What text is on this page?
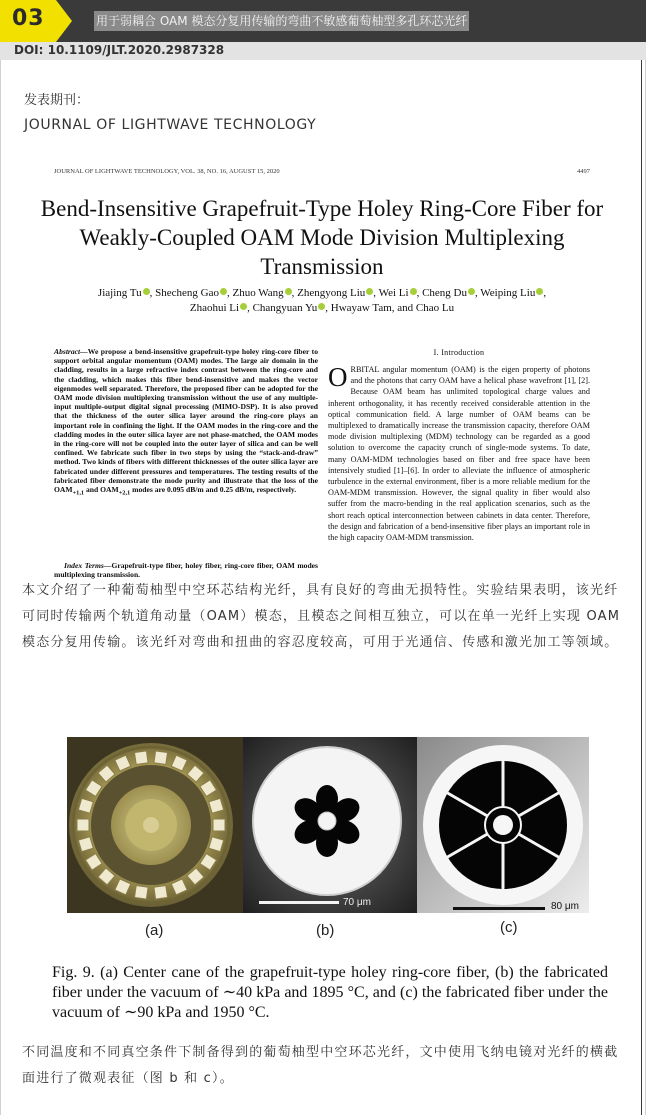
03	用于弱耦合 OAM 模态分复用传输的弯曲不敏感葡萄柚型多孔环芯光纤
DOI: 10.1109/JLT.2020.2987328
发表期刊：
JOURNAL OF LIGHTWAVE TECHNOLOGY
JOURNAL OF LIGHTWAVE TECHNOLOGY, VOL. 38, NO. 16, AUGUST 15, 2020	4497
Bend-Insensitive Grapefruit-Type Holey Ring-Core Fiber for Weakly-Coupled OAM Mode Division Multiplexing Transmission
Jiajing Tu , Shecheng Gao , Zhuo Wang , Zhengyong Liu , Wei Li , Cheng Du , Weiping Liu ,
Zhaohui Li , Changyuan Yu , Hwayaw Tam, and Chao Lu
Abstract—We propose a bend-insensitive grapefruit-type holey ring-core fiber to support orbital angular momentum (OAM) modes. The large air domain in the cladding, results in a large refractive index contrast between the ring-core and the cladding, which makes this fiber bend-insensitive and makes the vector eigenmodes well separated. Therefore, the proposed fiber can be adopted for the OAM mode division multiplexing transmission without the use of any multiple-input multiple-output digital signal processing (MIMO-DSP). It is also proved that the thickness of the outer silica layer around the ring-core plays an important role in confining the light. If the OAM modes in the ring-core and the cladding modes in the outer silica layer are not phase-matched, the OAM modes in the ring-core will not be coupled into the outer layer of silica and can be well confined. We fabricate such fiber in two steps by using the “stack-and-draw” method. Two kinds of fibers with different thicknesses of the outer silica layer are fabricated under different pressures and temperatures. The testing results of the fabricated fiber demonstrate the mode purity and illustrate that the loss of the $OAM_{+1,1}$ and $OAM_{+2,1}$ modes are 0.095 dB/m and 0.25 dB/m, respectively.
Index Terms—Grapefruit-type fiber, holey fiber, ring-core fiber, OAM modes multiplexing transmission.
I. Introduction
ORBITAL angular momentum (OAM) is the eigen property of photons and the photons that carry OAM have a helical phase wavefront [1], [2]. Because OAM beam has unlimited topological charge values and inherent orthogonality, it has recently received considerable attention in the optical communication field. A large number of OAM beams can be multiplexed to dramatically increase the transmission capacity, therefore OAM mode division multiplexing (MDM) technology can be regarded as a good solution to overcome the capacity crunch of single-mode systems. To date, many OAM-MDM technologies based on fiber and free space have been intensively studied [1]–[6]. In order to alleviate the influence of atmospheric turbulence in the external environment, fiber is a more reliable medium for the OAM-MDM transmission. However, the signal quality in fiber would also suffer from the macro-bending in the real application scenarios, such as the short reach optical interconnection between cabinets in data center. Therefore, the design and fabrication of a bend-insensitive fiber plays an important role in the high capacity OAM-MDM transmission.
本文介绍了一种葡萄柚型中空环芯结构光纤，具有良好的弯曲无损特性。实验结果表明，该光纤可同时传输两个轨道角动量（OAM）模态，且模态之间相互独立，可以在单一光纤上实现 OAM 模态分复用传输。该光纤对弯曲和扭曲的容忍度较高，可用于光通信、传感和激光加工等领域。
70 μm	80 μm
(a)	(b)	(c)
Fig. 9. (a) Center cane of the grapefruit-type holey ring-core fiber, (b) the fabricated fiber under the vacuum of ∼40 kPa and 1895 °C, and (c) the fabricated fiber under the vacuum of ∼90 kPa and 1950 °C.
不同温度和不同真空条件下制备得到的葡萄柚型中空环芯光纤，文中使用飞纳电镜对光纤的横截面进行了微观表征（图 b 和 c）。
